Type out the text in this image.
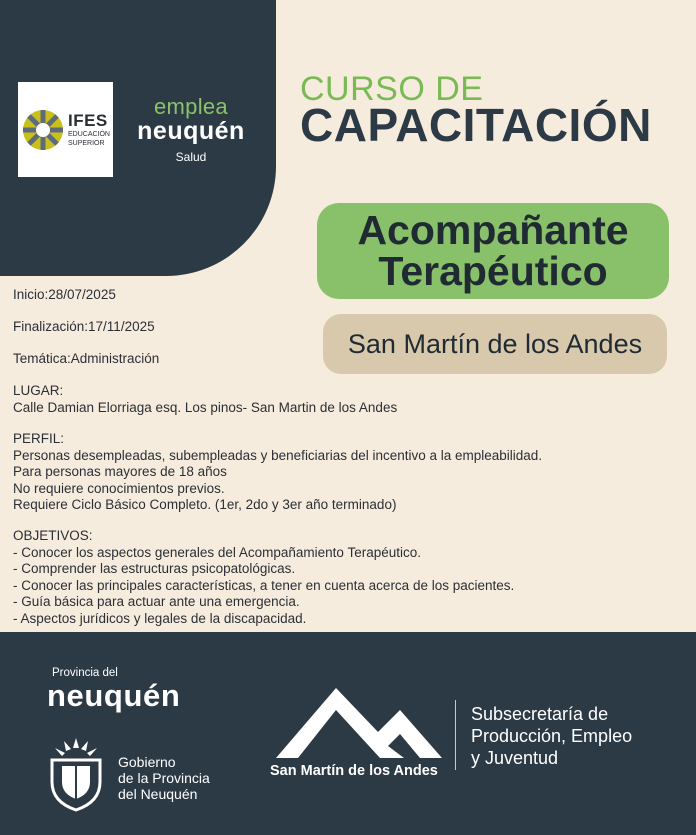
IFES
EDUCACIÓN
SUPERIOR
emplea
neuquén
Salud
CURSO DE
CAPACITACIÓN
Acompañante
Terapéutico
San Martín de los Andes
Inicio:28/07/2025
Finalización:17/11/2025
Temática:Administración
LUGAR:
Calle Damian Elorriaga esq. Los pinos- San Martin de los Andes
PERFIL:
Personas desempleadas, subempleadas y beneficiarias del incentivo a la empleabilidad.
Para personas mayores de 18 años
No requiere conocimientos previos.
Requiere Ciclo Básico Completo. (1er, 2do y 3er año terminado)
OBJETIVOS:
- Conocer los aspectos generales del Acompañamiento Terapéutico.
- Comprender las estructuras psicopatológicas.
- Conocer las principales características, a tener en cuenta acerca de los pacientes.
- Guía básica para actuar ante una emergencia.
- Aspectos jurídicos y legales de la discapacidad.
Provincia del
neuquén
Gobierno
de la Provincia
del Neuquén
San Martín de los Andes
Subsecretaría de
Producción, Empleo
y Juventud
